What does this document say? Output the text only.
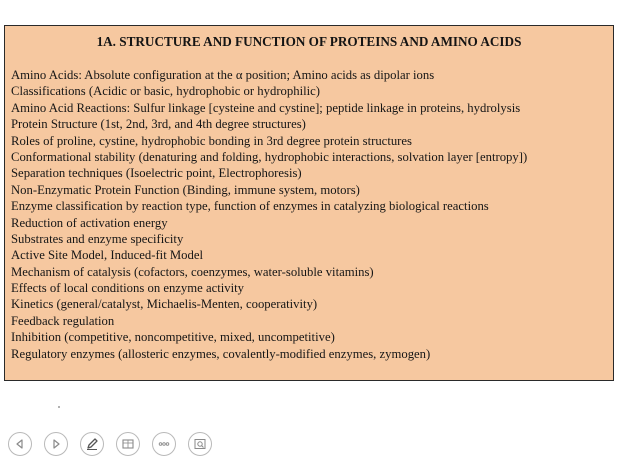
1A. STRUCTURE AND FUNCTION OF PROTEINS AND AMINO ACIDS
Amino Acids: Absolute configuration at the α position; Amino acids as dipolar ions
Classifications (Acidic or basic, hydrophobic or hydrophilic)
Amino Acid Reactions: Sulfur linkage [cysteine and cystine]; peptide linkage in proteins, hydrolysis
Protein Structure (1st, 2nd, 3rd, and 4th degree structures)
Roles of proline, cystine, hydrophobic bonding in 3rd degree protein structures
Conformational stability (denaturing and folding, hydrophobic interactions, solvation layer [entropy])
Separation techniques (Isoelectric point, Electrophoresis)
Non-Enzymatic Protein Function (Binding, immune system, motors)
Enzyme classification by reaction type, function of enzymes in catalyzing biological reactions
Reduction of activation energy
Substrates and enzyme specificity
Active Site Model, Induced-fit Model
Mechanism of catalysis (cofactors, coenzymes, water-soluble vitamins)
Effects of local conditions on enzyme activity
Kinetics (general/catalyst, Michaelis-Menten, cooperativity)
Feedback regulation
Inhibition (competitive, noncompetitive, mixed, uncompetitive)
Regulatory enzymes (allosteric enzymes, covalently-modified enzymes, zymogen)
